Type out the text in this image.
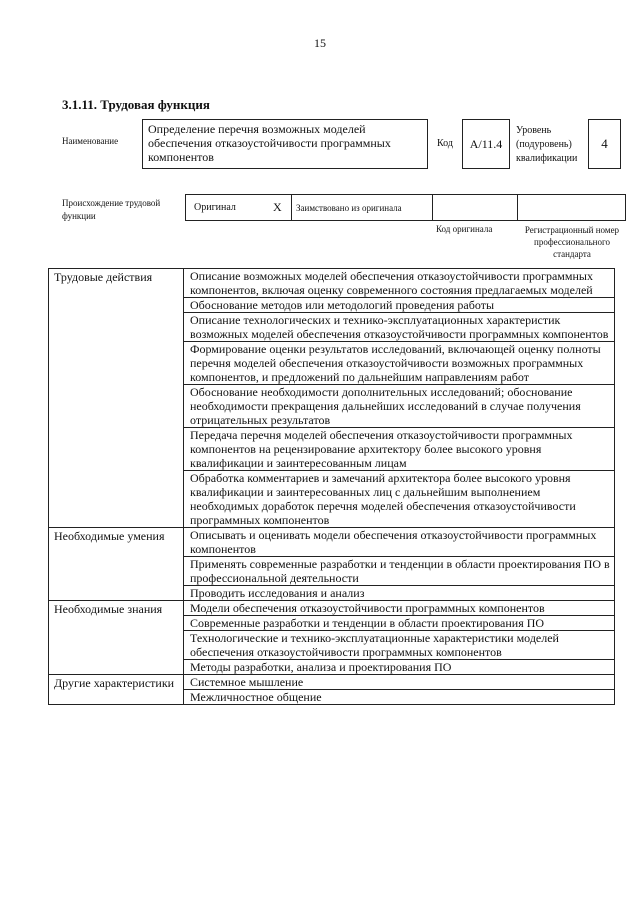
15
3.1.11. Трудовая функция
Наименование
Определение перечня возможных моделей обеспечения отказоустойчивости программных компонентов
Код	A/11.4
Уровень (подуровень) квалификации
4
Происхождение трудовой функции
Оригинал	X Заимствовано из оригинала
Код оригинала	Регистрационный номер профессионального стандарта
Трудовые действия	Описание возможных моделей обеспечения отказоустойчивости программных компонентов, включая оценку современного состояния предлагаемых моделей
	Обоснование методов или методологий проведения работы
	Описание технологических и технико-эксплуатационных характеристик возможных моделей обеспечения отказоустойчивости программных компонентов
	Формирование оценки результатов исследований, включающей оценку полноты перечня моделей обеспечения отказоустойчивости возможных программных компонентов, и предложений по дальнейшим направлениям работ
	Обоснование необходимости дополнительных исследований; обоснование необходимости прекращения дальнейших исследований в случае получения отрицательных результатов
	Передача перечня моделей обеспечения отказоустойчивости программных компонентов на рецензирование архитектору более высокого уровня квалификации и заинтересованным лицам
	Обработка комментариев и замечаний архитектора более высокого уровня квалификации и заинтересованных лиц с дальнейшим выполнением необходимых доработок перечня моделей обеспечения отказоустойчивости программных компонентов
Необходимые умения	Описывать и оценивать модели обеспечения отказоустойчивости программных компонентов
	Применять современные разработки и тенденции в области проектирования ПО в профессиональной деятельности
	Проводить исследования и анализ
Необходимые знания	Модели обеспечения отказоустойчивости программных компонентов
	Современные разработки и тенденции в области проектирования ПО
	Технологические и технико-эксплуатационные характеристики моделей обеспечения отказоустойчивости программных компонентов
	Методы разработки, анализа и проектирования ПО
Другие характеристики	Системное мышление
	Межличностное общение
